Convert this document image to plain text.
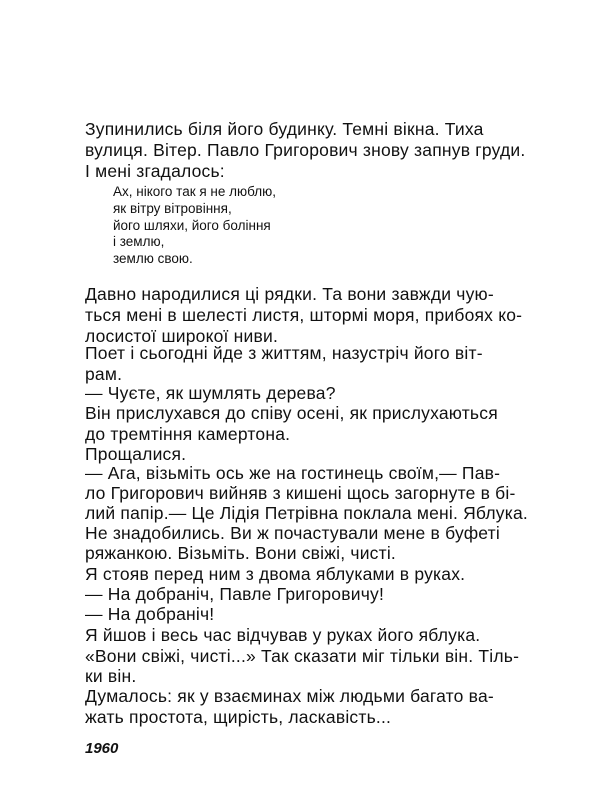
Зупинились біля його будинку. Темні вікна. Тиха
вулиця. Вітер. Павло Григорович знову запнув груди.
І мені згадалось:
Ах, нікого так я не люблю,
як вітру вітровіння,
його шляхи, його боління
і землю,
землю свою.
Давно народилися ці рядки. Та вони завжди чую-
ться мені в шелесті листя, штормі моря, прибоях ко-
лосистої широкої ниви.
Поет і сьогодні йде з життям, назустріч його віт-
рам.
— Чуєте, як шумлять дерева?
Він прислухався до співу осені, як прислухаються
до тремтіння камертона.
Прощалися.
— Ага, візьміть ось же на гостинець своїм,— Пав-
ло Григорович вийняв з кишені щось загорнуте в бі-
лий папір.— Це Лідія Петрівна поклала мені. Яблука.
Не знадобились. Ви ж почастували мене в буфеті
ряжанкою. Візьміть. Вони свіжі, чисті.
Я стояв перед ним з двома яблуками в руках.
— На добраніч, Павле Григоровичу!
— На добраніч!
Я йшов і весь час відчував у руках його яблука.
«Вони свіжі, чисті...» Так сказати міг тільки він. Тіль-
ки він.
Думалось: як у взаєминах між людьми багато ва-
жать простота, щирість, ласкавість...
1960
